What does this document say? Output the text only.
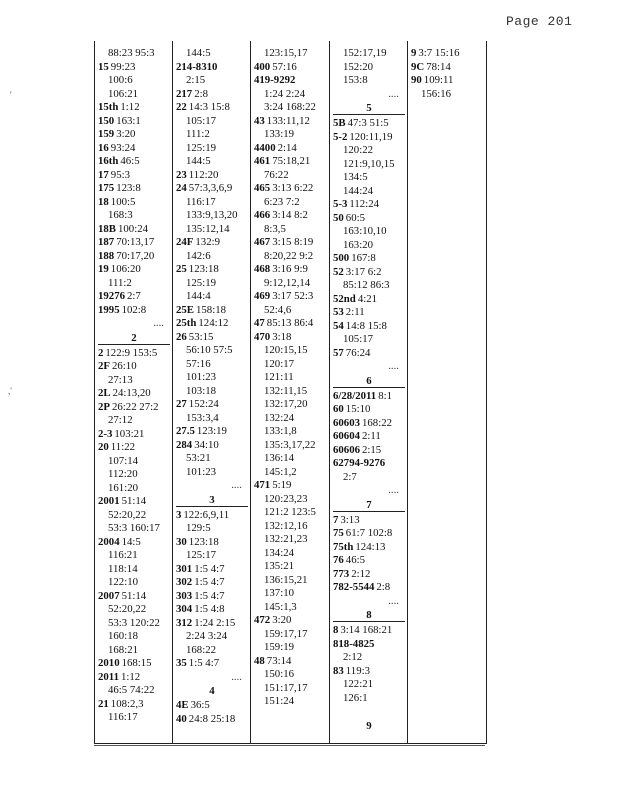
Page 201
88:23 95:3
15 99:23
100:6
106:21
15th 1:12
150 163:1
159 3:20
16 93:24
16th 46:5
17 95:3
175 123:8
18 100:5
168:3
18B 100:24
187 70:13,17
188 70:17,20
19 106:20
111:2
19276 2:7
1995 102:8
....
2
2 122:9 153:5
2F 26:10
27:13
2L 24:13,20
2P 26:22 27:2
27:12
2-3 103:21
20 11:22
107:14
112:20
161:20
2001 51:14
52:20,22
53:3 160:17
2004 14:5
116:21
118:14
122:10
2007 51:14
52:20,22
53:3 120:22
160:18
168:21
2010 168:15
2011 1:12
46:5 74:22
21 108:2,3
116:17
144:5
214-8310
2:15
217 2:8
22 14:3 15:8
105:17
111:2
125:19
144:5
23 112:20
24 57:3,3,6,9
116:17
133:9,13,20
135:12,14
24F 132:9
142:6
25 123:18
125:19
144:4
25E 158:18
25th 124:12
26 53:15
56:10 57:5
57:16
101:23
103:18
27 152:24
153:3,4
27.5 123:19
284 34:10
53:21
101:23
....
3
3 122:6,9,11
129:5
30 123:18
125:17
301 1:5 4:7
302 1:5 4:7
303 1:5 4:7
304 1:5 4:8
312 1:24 2:15
2:24 3:24
168:22
35 1:5 4:7
....
4
4E 36:5
40 24:8 25:18
123:15,17
400 57:16
419-9292
1:24 2:24
3:24 168:22
43 133:11,12
133:19
4400 2:14
461 75:18,21
76:22
465 3:13 6:22
6:23 7:2
466 3:14 8:2
8:3,5
467 3:15 8:19
8:20,22 9:2
468 3:16 9:9
9:12,12,14
469 3:17 52:3
52:4,6
47 85:13 86:4
470 3:18
120:15,15
120:17
121:11
132:11,15
132:17,20
132:24
133:1,8
135:3,17,22
136:14
145:1,2
471 5:19
120:23,23
121:2 123:5
132:12,16
132:21,23
134:24
135:21
136:15,21
137:10
145:1,3
472 3:20
159:17,17
159:19
48 73:14
150:16
151:17,17
151:24
152:17,19
152:20
153:8
....
5
5B 47:3 51:5
5-2 120:11,19
120:22
121:9,10,15
134:5
144:24
5-3 112:24
50 60:5
163:10,10
163:20
500 167:8
52 3:17 6:2
85:12 86:3
52nd 4:21
53 2:11
54 14:8 15:8
105:17
57 76:24
....
6
6/28/2011 8:1
60 15:10
60603 168:22
60604 2:11
60606 2:15
62794-9276
2:7
....
7
7 3:13
75 61:7 102:8
75th 124:13
76 46:5
773 2:12
782-5544 2:8
....
8
8 3:14 168:21
818-4825
2:12
83 119:3
122:21
126:1
9
9 3:7 15:16
9C 78:14
90 109:11
156:16
'
,'
